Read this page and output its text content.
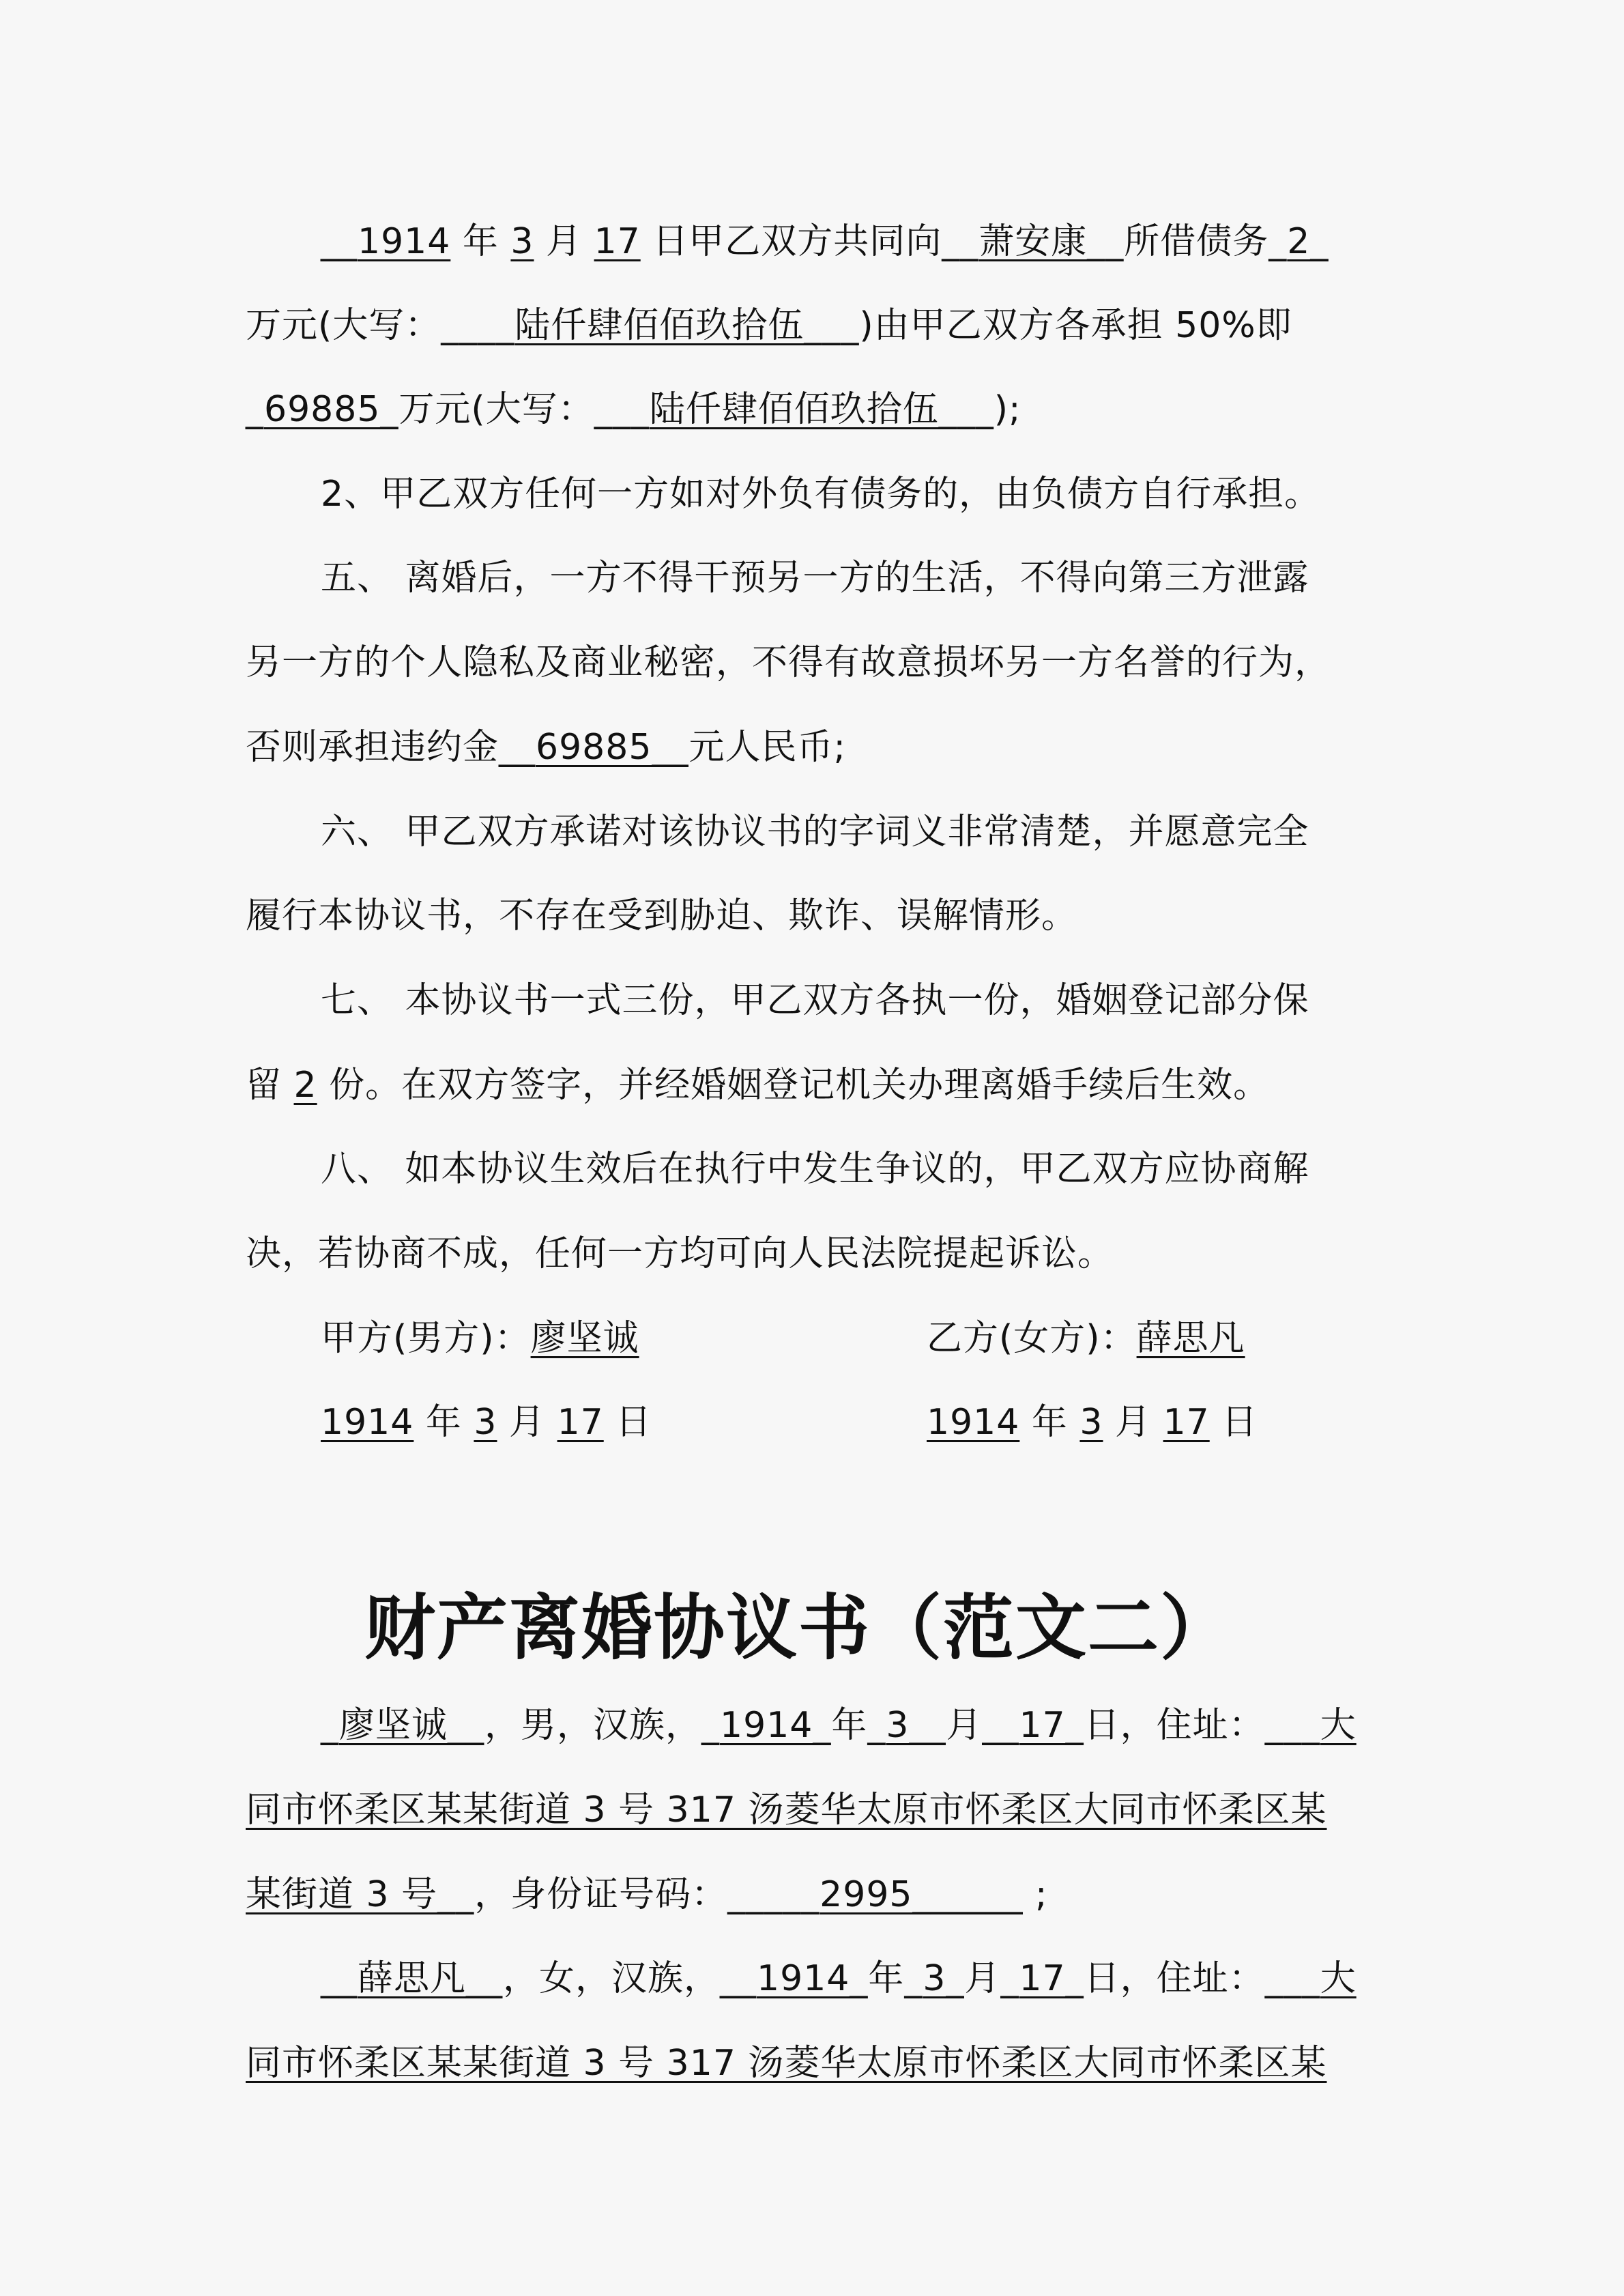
__1914 年 3 月 17 日甲乙双方共同向__萧安康__所借债务_2_
万元(大写：____陆仟肆佰佰玖拾伍___)由甲乙双方各承担 50%即
_69885_万元(大写：___陆仟肆佰佰玖拾伍___);
2、甲乙双方任何一方如对外负有债务的，由负债方自行承担。
五、 离婚后，一方不得干预另一方的生活，不得向第三方泄露
另一方的个人隐私及商业秘密，不得有故意损坏另一方名誉的行为，
否则承担违约金__69885__元人民币;
六、 甲乙双方承诺对该协议书的字词义非常清楚，并愿意完全
履行本协议书，不存在受到胁迫、欺诈、误解情形。
七、 本协议书一式三份，甲乙双方各执一份，婚姻登记部分保
留 2 份。在双方签字，并经婚姻登记机关办理离婚手续后生效。
八、 如本协议生效后在执行中发生争议的，甲乙双方应协商解
决，若协商不成，任何一方均可向人民法院提起诉讼。
甲方(男方)：廖坚诚	乙方(女方)：薛思凡
1914 年 3 月 17 日	1914 年 3 月 17 日
财产离婚协议书（范文二）
_廖坚诚__，男，汉族，_1914_年_3__月__17_日，住址：___大
同市怀柔区某某街道 3 号 317 汤菱华太原市怀柔区大同市怀柔区某
某街道 3 号__，身份证号码：_____2995______ ;
__薛思凡__，女，汉族，__1914_年_3_月_17_日，住址：___大
同市怀柔区某某街道 3 号 317 汤菱华太原市怀柔区大同市怀柔区某
